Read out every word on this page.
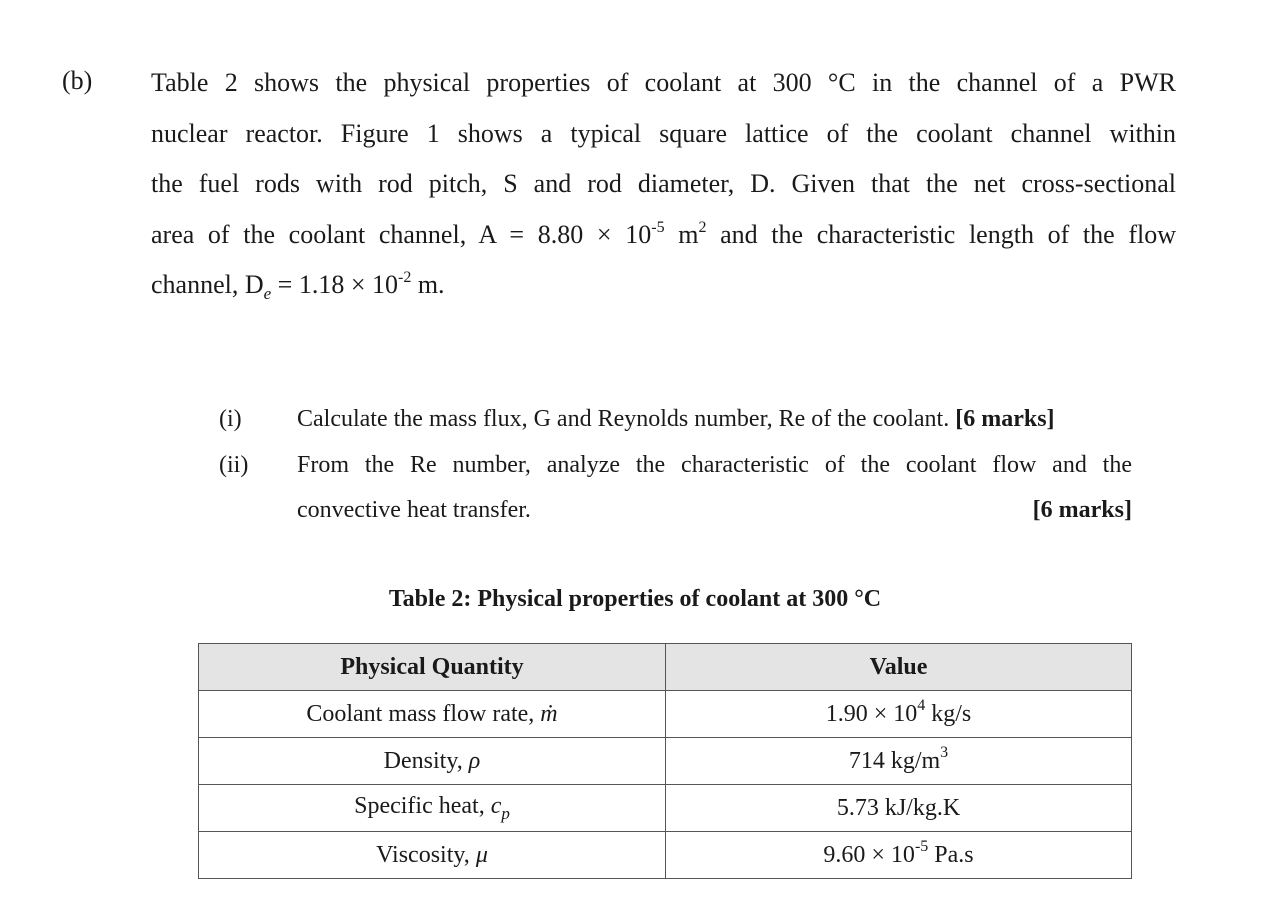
(b) Table 2 shows the physical properties of coolant at 300 °C in the channel of a PWR
nuclear reactor. Figure 1 shows a typical square lattice of the coolant channel within
the fuel rods with rod pitch, S and rod diameter, D. Given that the net cross-sectional
area of the coolant channel, $A = 8.80 \times 10^{-5}$ $m^2$ and the characteristic length of the flow
channel, $D_e = 1.18 \times 10^{-2}$ m.
(i) Calculate the mass flux, G and Reynolds number, Re of the coolant. [6 marks]
(ii) From the Re number, analyze the characteristic of the coolant flow and the
convective heat transfer.	[6 marks]
Table 2: Physical properties of coolant at 300 °C
Physical Quantity	Value
Coolant mass flow rate, ṁ	$1.90 \times 10^4$ kg/s
Density, ρ	714 $kg/m^3$
Specific heat, $c_p$	5.73 kJ/kg.K
Viscosity, μ	$9.60 \times 10^{-5}$ Pa.s
